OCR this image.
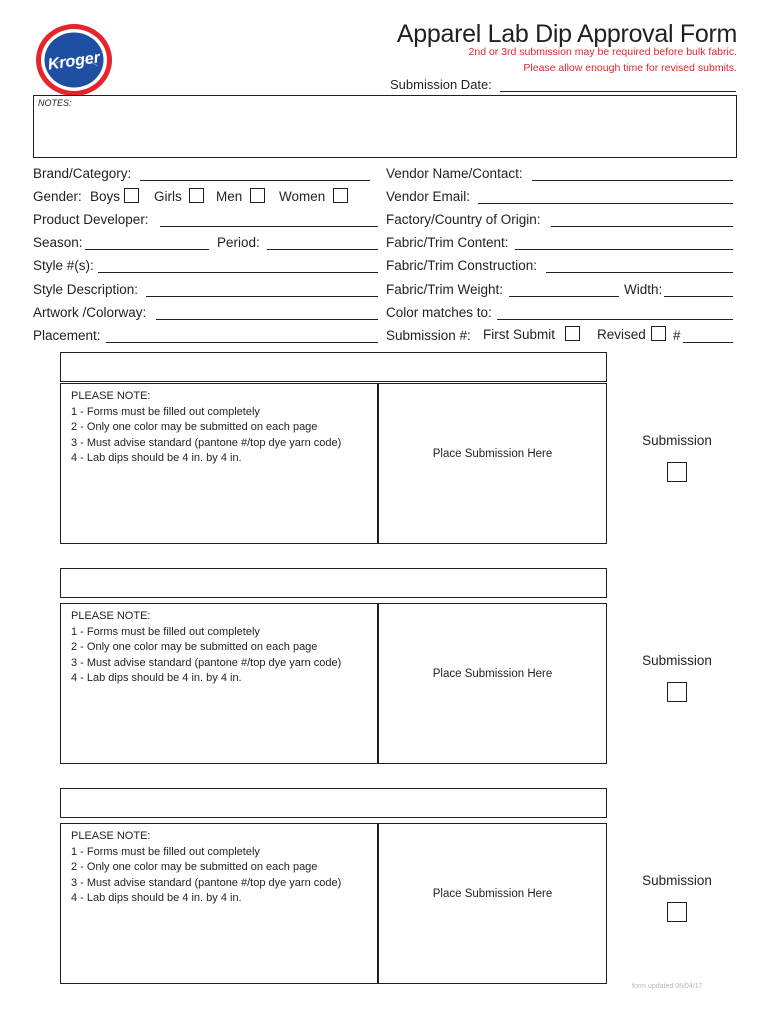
Kroger
Apparel Lab Dip Approval Form
2nd or 3rd submission may be required before bulk fabric.
Please allow enough time for revised submits.
Submission Date:
NOTES:
Brand/Category:
Gender: Boys	Girls	Men	Women
Product Developer:
Season:	Period:
Style #(s):
Style Description:
Artwork /Colorway:
Placement:
Vendor Name/Contact:
Vendor Email:
Factory/Country of Origin:
Fabric/Trim Content:
Fabric/Trim Construction:
Fabric/Trim Weight:	Width:
Color matches to:
Submission #: First Submit	Revised #
PLEASE NOTE:
1 - Forms must be filled out completely
2 - Only one color may be submitted on each page
3 - Must advise standard (pantone #/top dye yarn code)
4 - Lab dips should be 4 in. by 4 in.	Place Submission Here
Submission
PLEASE NOTE:
1 - Forms must be filled out completely
2 - Only one color may be submitted on each page
3 - Must advise standard (pantone #/top dye yarn code)
4 - Lab dips should be 4 in. by 4 in.	Place Submission Here
Submission
PLEASE NOTE:
1 - Forms must be filled out completely
2 - Only one color may be submitted on each page
3 - Must advise standard (pantone #/top dye yarn code)
4 - Lab dips should be 4 in. by 4 in.	Place Submission Here
Submission
form updated 08/04/17
